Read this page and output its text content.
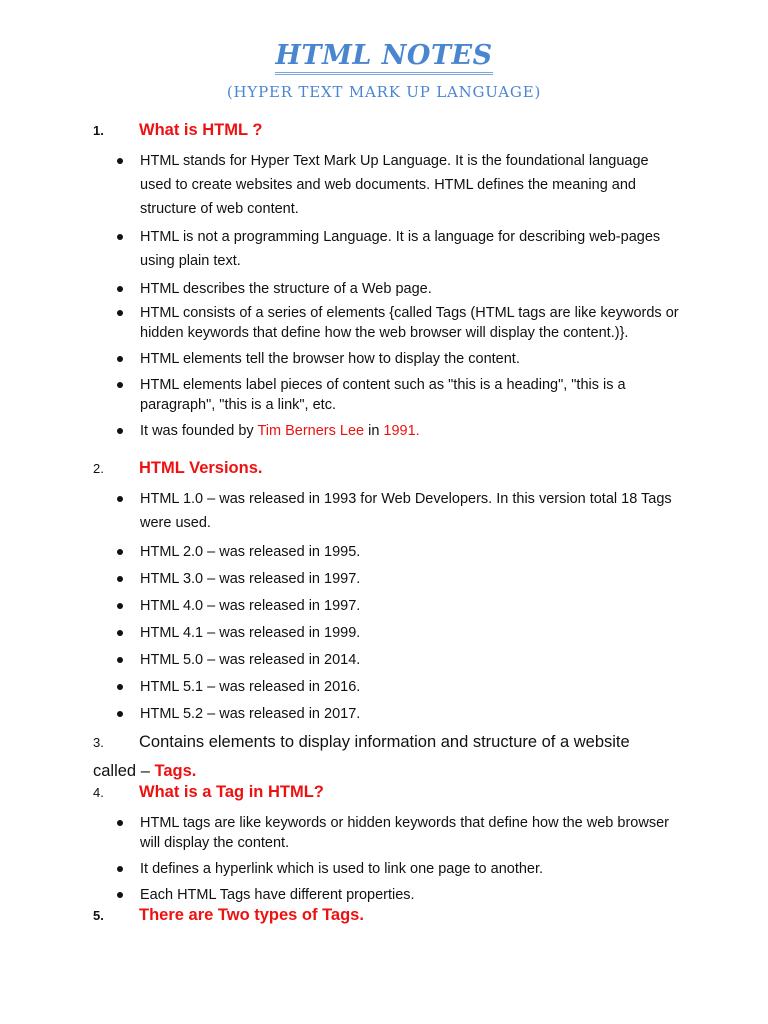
HTML NOTES
(HYPER TEXT MARK UP LANGUAGE)
1. What is HTML ?
HTML stands for Hyper Text Mark Up Language. It is the foundational language used to create websites and web documents. HTML defines the meaning and structure of web content.
HTML is not a programming Language. It is a language for describing web-pages using plain text.
HTML describes the structure of a Web page.
HTML consists of a series of elements {called Tags (HTML tags are like keywords or hidden keywords that define how the web browser will display the content.)}.
HTML elements tell the browser how to display the content.
HTML elements label pieces of content such as "this is a heading", "this is a paragraph", "this is a link", etc.
It was founded by Tim Berners Lee in 1991.
2. HTML Versions.
HTML 1.0 – was released in 1993 for Web Developers. In this version total 18 Tags were used.
HTML 2.0 – was released in 1995.
HTML 3.0 – was released in 1997.
HTML 4.0 – was released in 1997.
HTML 4.1 – was released in 1999.
HTML 5.0 – was released in 2014.
HTML 5.1 – was released in 2016.
HTML 5.2 – was released in 2017.
3. Contains elements to display information and structure of a website called – Tags.
4. What is a Tag in HTML?
HTML tags are like keywords or hidden keywords that define how the web browser will display the content.
It defines a hyperlink which is used to link one page to another.
Each HTML Tags have different properties.
5. There are Two types of Tags.
